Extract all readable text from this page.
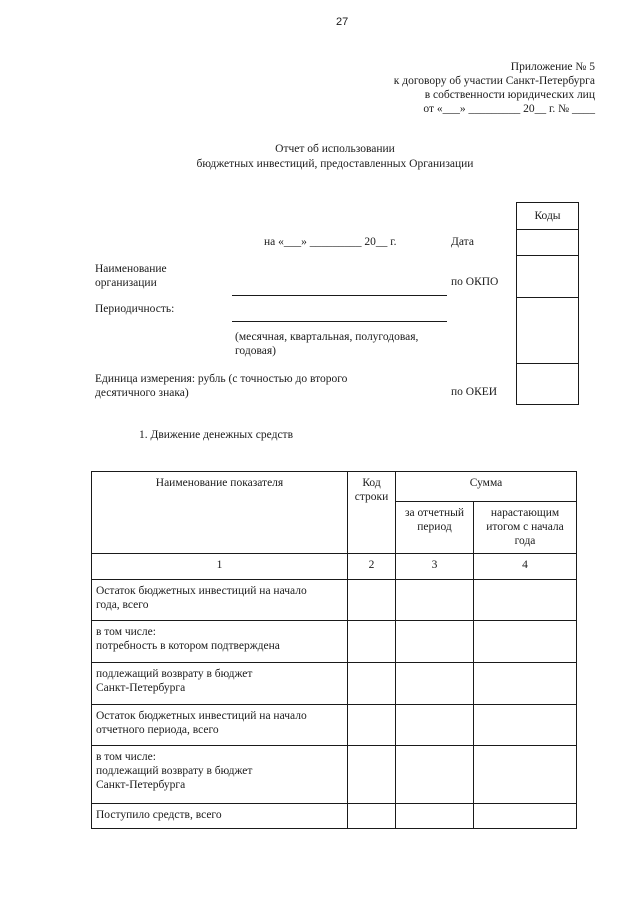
27
Приложение № 5
к договору об участии Санкт-Петербурга
в собственности юридических лиц
от «___» _________ 20__ г. № ____
Отчет об использовании
бюджетных инвестиций, предоставленных Организации
Коды
на «___» _________ 20__ г.	Дата
Наименование
организации	по ОКПО
Периодичность:
(месячная, квартальная, полугодовая,
годовая)
Единица измерения: рубль (с точностью до второго
десятичного знака)	по ОКЕИ
1. Движение денежных средств
Наименование показателя	Код строки	Сумма	
		за отчетный период	нарастающим итогом с начала года
1	2	3	4

Остаток бюджетных инвестиций на начало
года, всего			

в том числе:
потребность в котором подтверждена			

подлежащий возврату в бюджет
Санкт-Петербурга			

Остаток бюджетных инвестиций на начало
отчетного периода, всего			

в том числе:
подлежащий возврату в бюджет
Санкт-Петербурга			

Поступило средств, всего			
